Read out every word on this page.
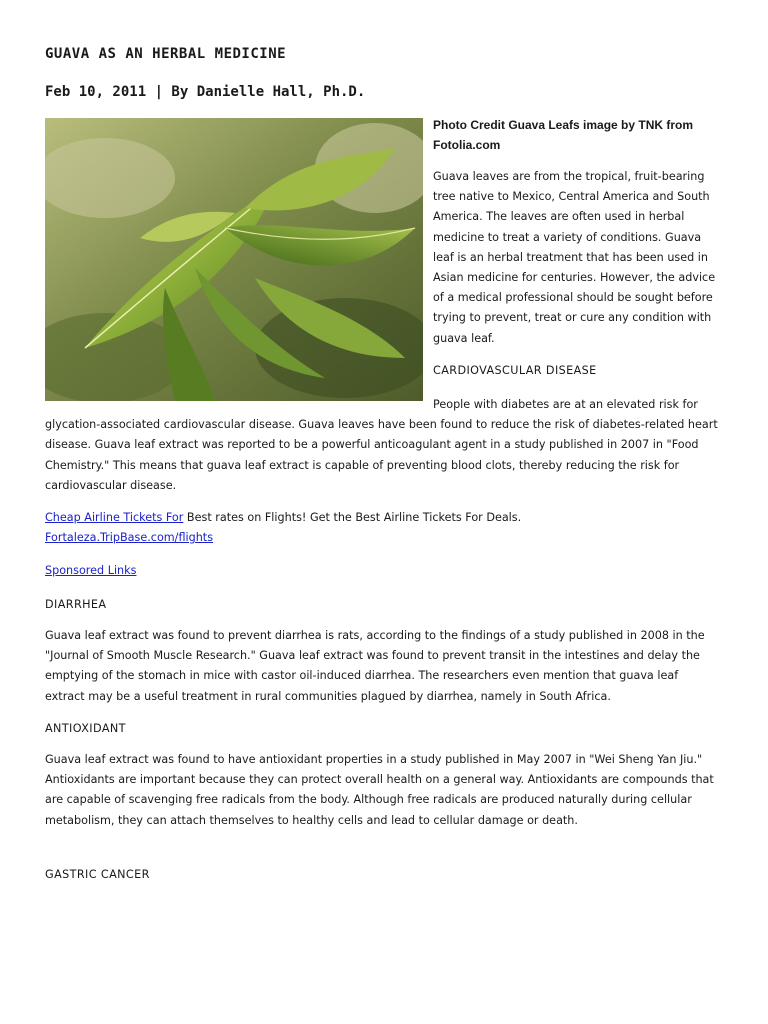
GUAVA AS AN HERBAL MEDICINE

Feb 10, 2011 | By Danielle Hall, Ph.D.

Photo Credit Guava Leafs image by TNK from Fotolia.com

Guava leaves are from the tropical, fruit-bearing tree native to Mexico, Central America and South America. The leaves are often used in herbal medicine to treat a variety of conditions. Guava leaf is an herbal treatment that has been used in Asian medicine for centuries. However, the advice of a medical professional should be sought before trying to prevent, treat or cure any condition with guava leaf.

CARDIOVASCULAR DISEASE

People with diabetes are at an elevated risk for glycation-associated cardiovascular disease. Guava leaves have been found to reduce the risk of diabetes-related heart disease. Guava leaf extract was reported to be a powerful anticoagulant agent in a study published in 2007 in "Food Chemistry." This means that guava leaf extract is capable of preventing blood clots, thereby reducing the risk for cardiovascular disease.

Cheap Airline Tickets For Best rates on Flights! Get the Best Airline Tickets For Deals. Fortaleza.TripBase.com/flights

Sponsored Links

DIARRHEA

Guava leaf extract was found to prevent diarrhea is rats, according to the findings of a study published in 2008 in the "Journal of Smooth Muscle Research." Guava leaf extract was found to prevent transit in the intestines and delay the emptying of the stomach in mice with castor oil-induced diarrhea. The researchers even mention that guava leaf extract may be a useful treatment in rural communities plagued by diarrhea, namely in South Africa.

ANTIOXIDANT

Guava leaf extract was found to have antioxidant properties in a study published in May 2007 in "Wei Sheng Yan Jiu." Antioxidants are important because they can protect overall health on a general way. Antioxidants are compounds that are capable of scavenging free radicals from the body. Although free radicals are produced naturally during cellular metabolism, they can attach themselves to healthy cells and lead to cellular damage or death.

GASTRIC CANCER
